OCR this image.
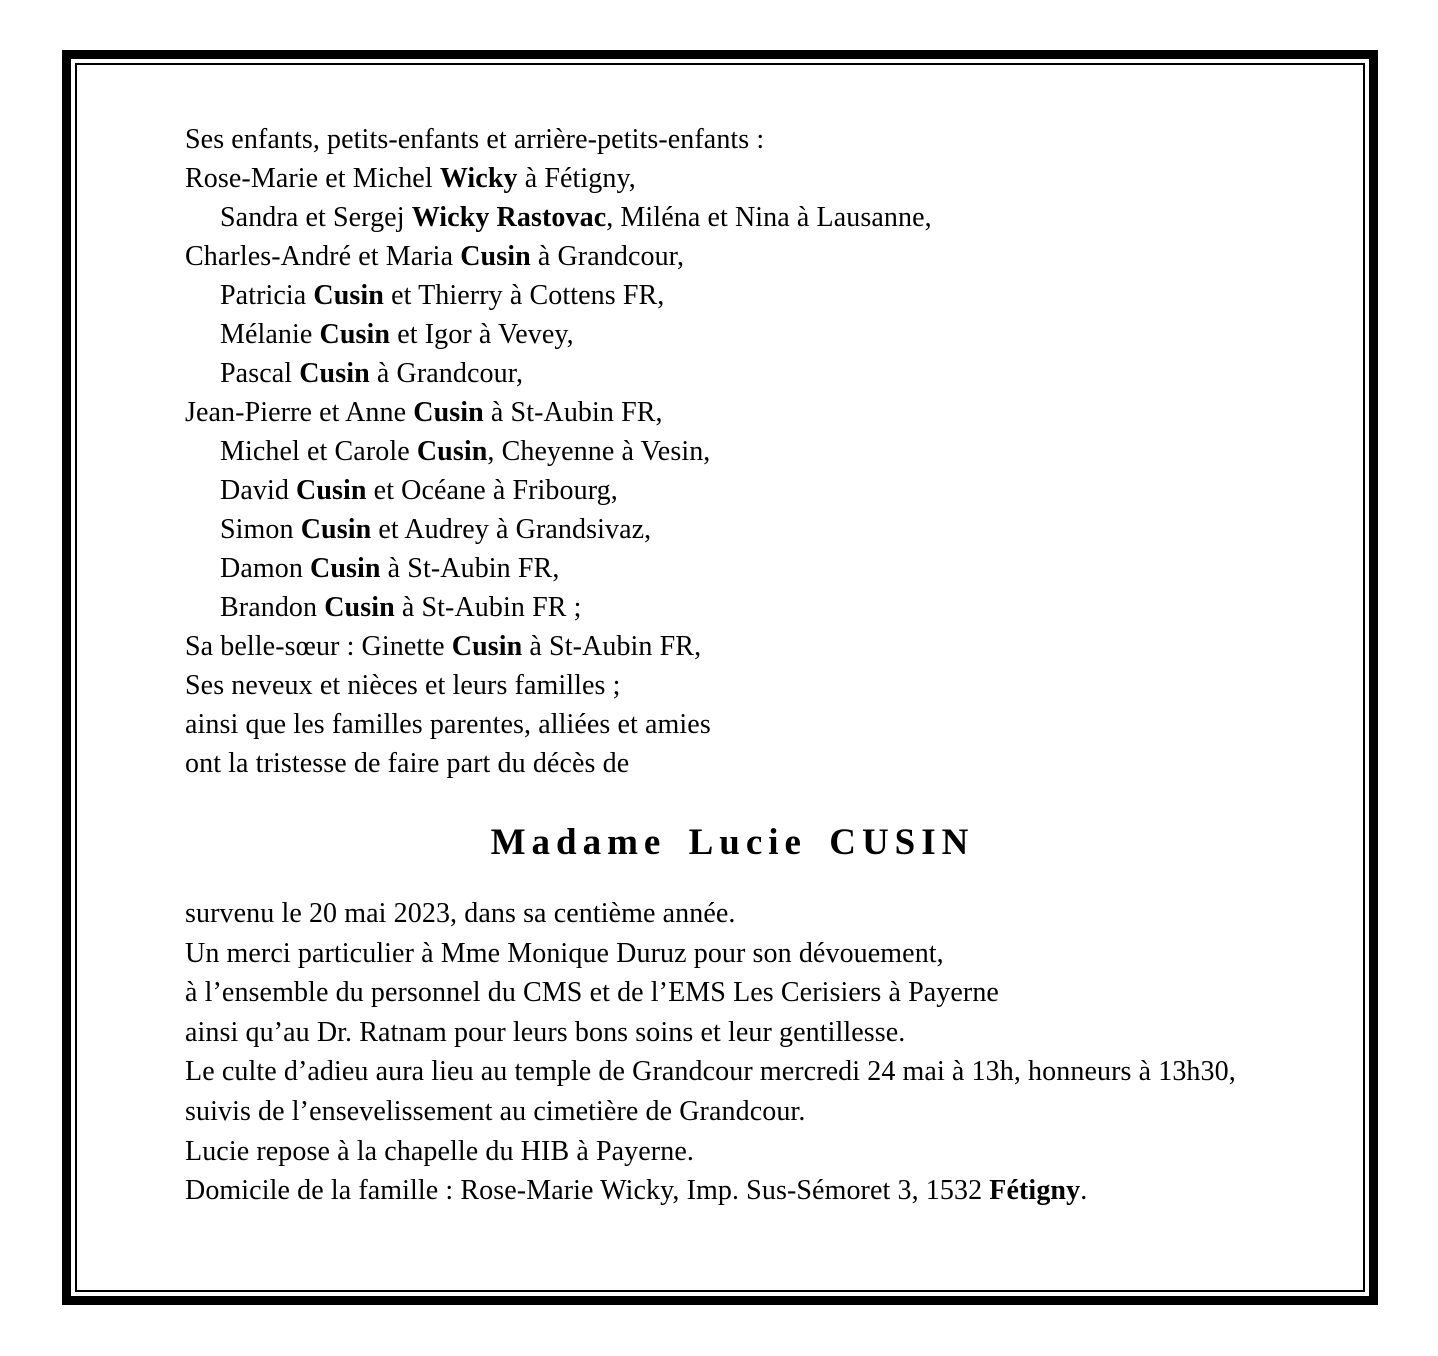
Ses enfants, petits-enfants et arrière-petits-enfants :
Rose-Marie et Michel Wicky à Fétigny,
Sandra et Sergej Wicky Rastovac, Miléna et Nina à Lausanne,
Charles-André et Maria Cusin à Grandcour,
Patricia Cusin et Thierry à Cottens FR,
Mélanie Cusin et Igor à Vevey,
Pascal Cusin à Grandcour,
Jean-Pierre et Anne Cusin à St-Aubin FR,
Michel et Carole Cusin, Cheyenne à Vesin,
David Cusin et Océane à Fribourg,
Simon Cusin et Audrey à Grandsivaz,
Damon Cusin à St-Aubin FR,
Brandon Cusin à St-Aubin FR ;
Sa belle-sœur : Ginette Cusin à St-Aubin FR,
Ses neveux et nièces et leurs familles ;
ainsi que les familles parentes, alliées et amies
ont la tristesse de faire part du décès de
Madame Lucie CUSIN
survenu le 20 mai 2023, dans sa centième année.
Un merci particulier à Mme Monique Duruz pour son dévouement,
à l’ensemble du personnel du CMS et de l’EMS Les Cerisiers à Payerne
ainsi qu’au Dr. Ratnam pour leurs bons soins et leur gentillesse.
Le culte d’adieu aura lieu au temple de Grandcour mercredi 24 mai à 13h, honneurs à 13h30,
suivis de l’ensevelissement au cimetière de Grandcour.
Lucie repose à la chapelle du HIB à Payerne.
Domicile de la famille : Rose-Marie Wicky, Imp. Sus-Sémoret 3, 1532 Fétigny.
